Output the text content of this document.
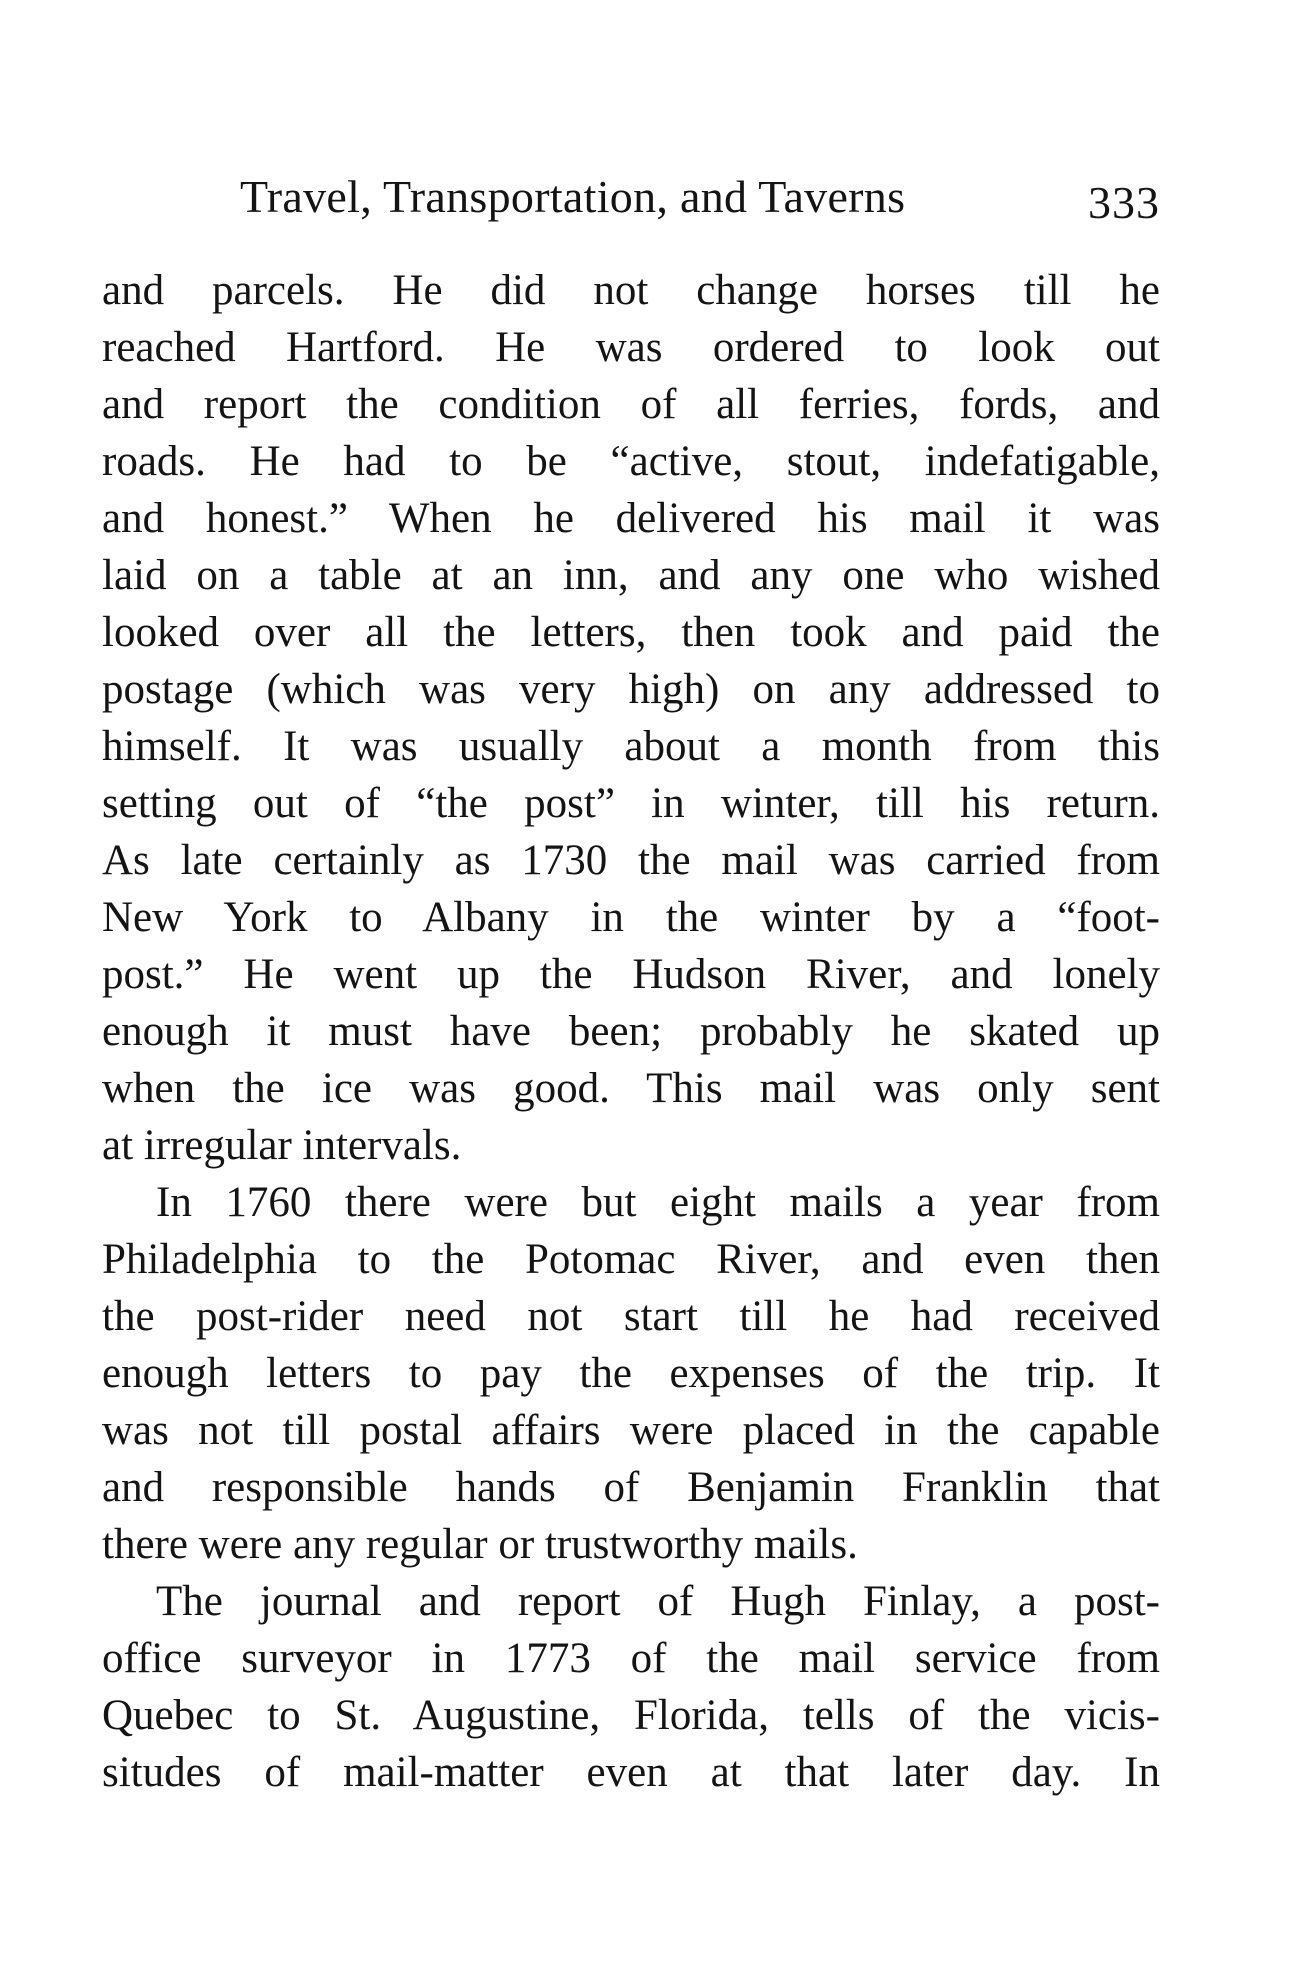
Travel, Transportation, and Taverns	333
and parcels. He did not change horses till he
reached Hartford. He was ordered to look out
and report the condition of all ferries, fords, and
roads. He had to be “active, stout, indefatigable,
and honest.” When he delivered his mail it was
laid on a table at an inn, and any one who wished
looked over all the letters, then took and paid the
postage (which was very high) on any addressed to
himself. It was usually about a month from this
setting out of “the post” in winter, till his return.
As late certainly as 1730 the mail was carried from
New York to Albany in the winter by a “foot-
post.” He went up the Hudson River, and lonely
enough it must have been; probably he skated up
when the ice was good. This mail was only sent
at irregular intervals.
In 1760 there were but eight mails a year from
Philadelphia to the Potomac River, and even then
the post-rider need not start till he had received
enough letters to pay the expenses of the trip. It
was not till postal affairs were placed in the capable
and responsible hands of Benjamin Franklin that
there were any regular or trustworthy mails.
The journal and report of Hugh Finlay, a post-
office surveyor in 1773 of the mail service from
Quebec to St. Augustine, Florida, tells of the vicis-
situdes of mail-matter even at that later day. In
